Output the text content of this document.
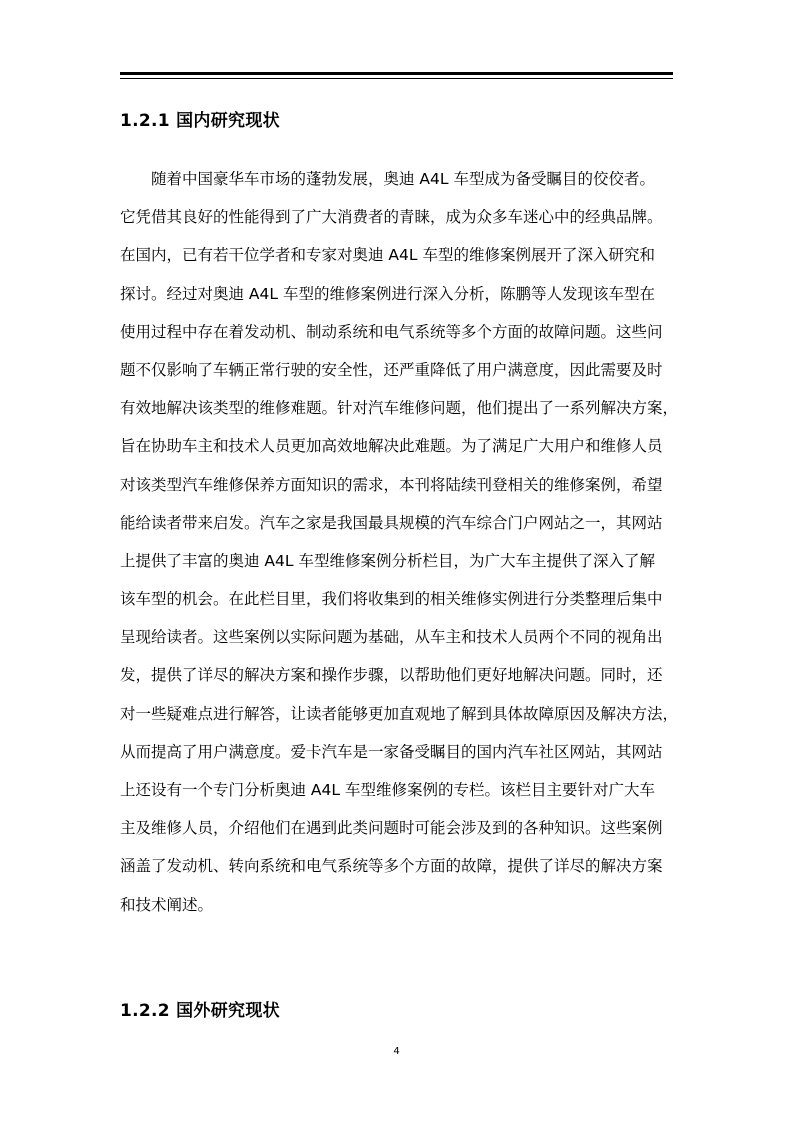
1.2.1 国内研究现状
随着中国豪华车市场的蓬勃发展，奥迪 A4L 车型成为备受瞩目的佼佼者。
它凭借其良好的性能得到了广大消费者的青睐，成为众多车迷心中的经典品牌。
在国内，已有若干位学者和专家对奥迪 A4L 车型的维修案例展开了深入研究和
探讨。经过对奥迪 A4L 车型的维修案例进行深入分析，陈鹏等人发现该车型在
使用过程中存在着发动机、制动系统和电气系统等多个方面的故障问题。这些问
题不仅影响了车辆正常行驶的安全性，还严重降低了用户满意度，因此需要及时
有效地解决该类型的维修难题。针对汽车维修问题，他们提出了一系列解决方案，
旨在协助车主和技术人员更加高效地解决此难题。为了满足广大用户和维修人员
对该类型汽车维修保养方面知识的需求，本刊将陆续刊登相关的维修案例，希望
能给读者带来启发。汽车之家是我国最具规模的汽车综合门户网站之一，其网站
上提供了丰富的奥迪 A4L 车型维修案例分析栏目，为广大车主提供了深入了解
该车型的机会。在此栏目里，我们将收集到的相关维修实例进行分类整理后集中
呈现给读者。这些案例以实际问题为基础，从车主和技术人员两个不同的视角出
发，提供了详尽的解决方案和操作步骤，以帮助他们更好地解决问题。同时，还
对一些疑难点进行解答，让读者能够更加直观地了解到具体故障原因及解决方法，
从而提高了用户满意度。爱卡汽车是一家备受瞩目的国内汽车社区网站，其网站
上还设有一个专门分析奥迪 A4L 车型维修案例的专栏。该栏目主要针对广大车
主及维修人员，介绍他们在遇到此类问题时可能会涉及到的各种知识。这些案例
涵盖了发动机、转向系统和电气系统等多个方面的故障，提供了详尽的解决方案
和技术阐述。
1.2.2 国外研究现状
4
